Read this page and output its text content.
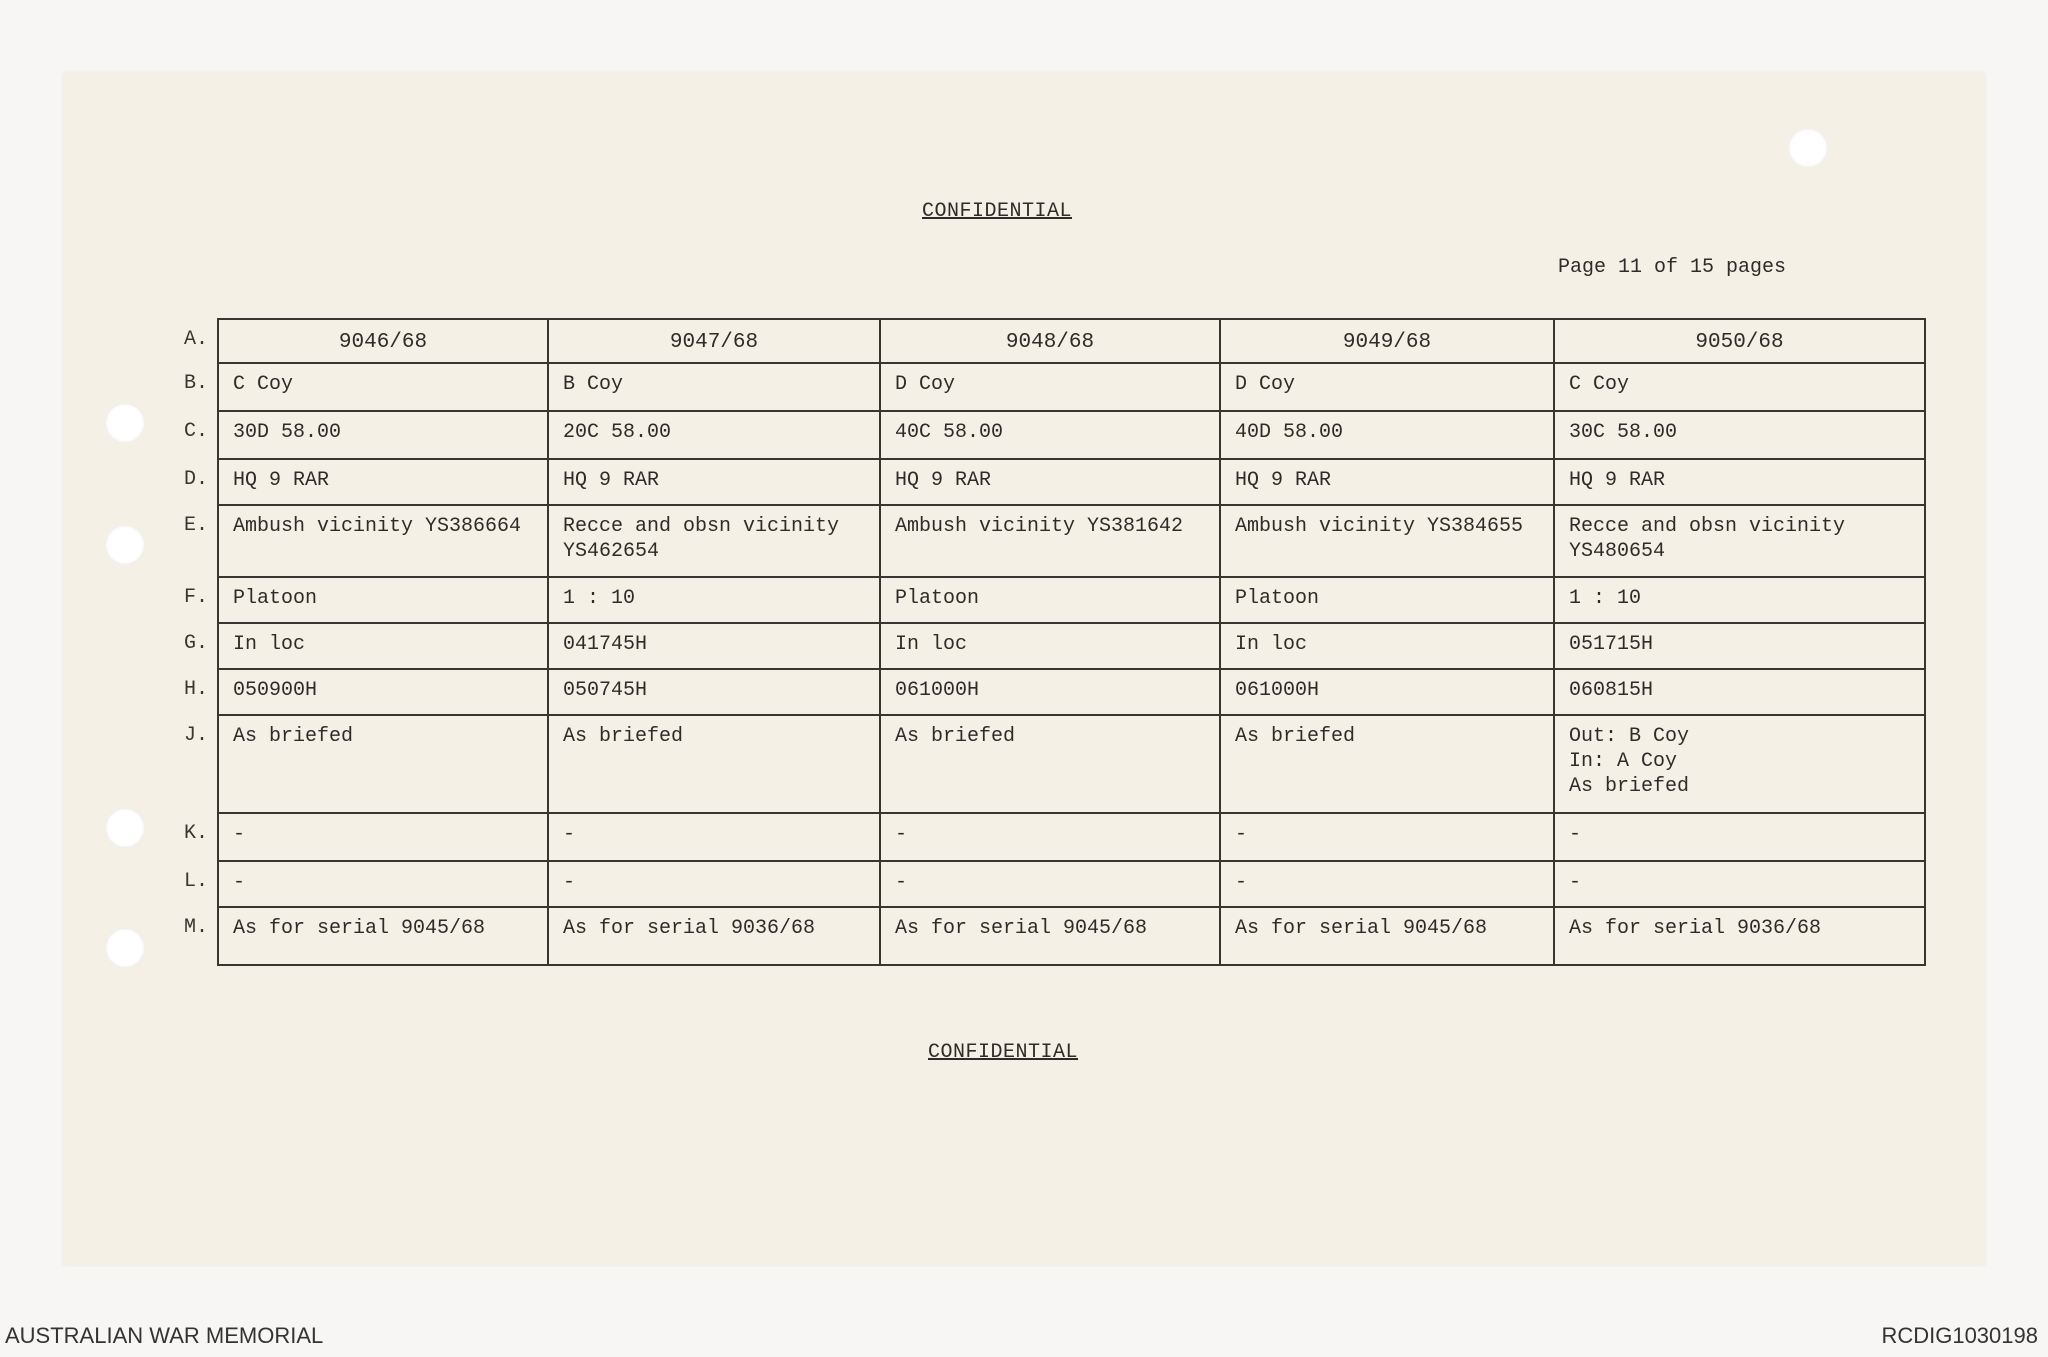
CONFIDENTIAL
Page 11 of 15 pages
A.	9046/68	9047/68	9048/68	9049/68	9050/68
B.	C Coy	B Coy	D Coy	D Coy	C Coy
C.	30D 58.00	20C 58.00	40C 58.00	40D 58.00	30C 58.00
D.	HQ 9 RAR	HQ 9 RAR	HQ 9 RAR	HQ 9 RAR	HQ 9 RAR
E.	Ambush vicinity YS386664	Recce and obsn vicinity
YS462654	Ambush vicinity YS381642	Ambush vicinity YS384655	Recce and obsn vicinity
YS480654
F.	Platoon	1 : 10	Platoon	Platoon	1 : 10
G.	In loc	041745H	In loc	In loc	051715H
H.	050900H	050745H	061000H	061000H	060815H
J.	As briefed	As briefed	As briefed	As briefed	Out: B Coy
In: A Coy
As briefed
K.	-	-	-	-	-
L.	-	-	-	-	-
M.	As for serial 9045/68	As for serial 9036/68	As for serial 9045/68	As for serial 9045/68	As for serial 9036/68
CONFIDENTIAL
AUSTRALIAN WAR MEMORIAL	RCDIG1030198
